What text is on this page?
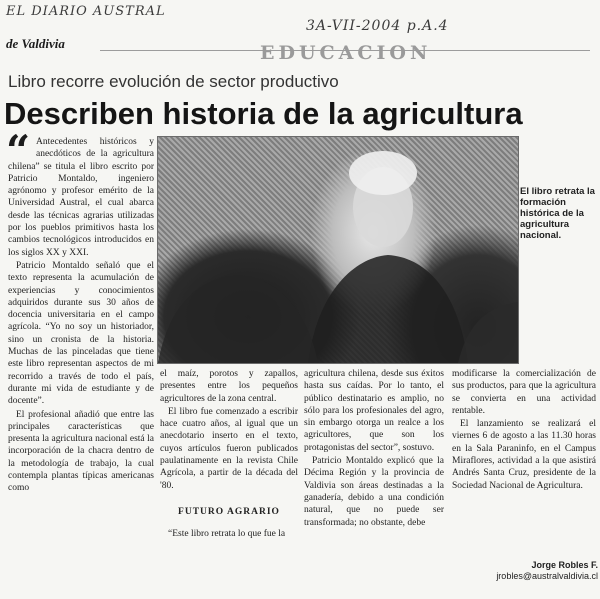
EL DIARIO AUSTRAL
3A-VII-2004 p.A.4
de Valdivia	EDUCACION
Libro recorre evolución de sector productivo
Describen historia de la agricultura
“ Antecedentes históricos y anecdóticos de la agricultura chilena” se titula el libro escrito por Patricio Montaldo, ingeniero agrónomo y profesor emérito de la Universidad Austral, el cual abarca desde las técnicas agrarias utilizadas por los pueblos primitivos hasta los cambios tecnológicos introducidos en los siglos XX y XXI.

Patricio Montaldo señaló que el texto representa la acumulación de experiencias y conocimientos adquiridos durante sus 30 años de docencia universitaria en el campo agrícola. “Yo no soy un historiador, sino un cronista de la historia. Muchas de las pinceladas que tiene este libro representan aspectos de mi recorrido a través de todo el país, durante mi vida de estudiante y de docente”.

El profesional añadió que entre las principales características que presenta la agricultura nacional está la incorporación de la chacra dentro de la metodología de trabajo, la cual contempla plantas típicas americanas como

El libro retrata la formación histórica de la agricultura nacional.

el maíz, porotos y zapallos, presentes entre los pequeños agricultores de la zona central.

El libro fue comenzado a escribir hace cuatro años, al igual que un anecdotario inserto en el texto, cuyos artículos fueron publicados paulatinamente en la revista Chile Agrícola, a partir de la década del '80.

FUTURO AGRARIO

“Este libro retrata lo que fue la

agricultura chilena, desde sus éxitos hasta sus caídas. Por lo tanto, el público destinatario es amplio, no sólo para los profesionales del agro, sin embargo otorga un realce a los agricultores, que son los protagonistas del sector”, sostuvo.

Patricio Montaldo explicó que la Décima Región y la provincia de Valdivia son áreas destinadas a la ganadería, debido a una condición natural, que no puede ser transformada; no obstante, debe

modificarse la comercialización de sus productos, para que la agricultura se convierta en una actividad rentable.

El lanzamiento se realizará el viernes 6 de agosto a las 11.30 horas en la Sala Paraninfo, en el Campus Miraflores, actividad a la que asistirá Andrés Santa Cruz, presidente de la Sociedad Nacional de Agricultura.

Jorge Robles F.
jrobles@australvaldivia.cl
